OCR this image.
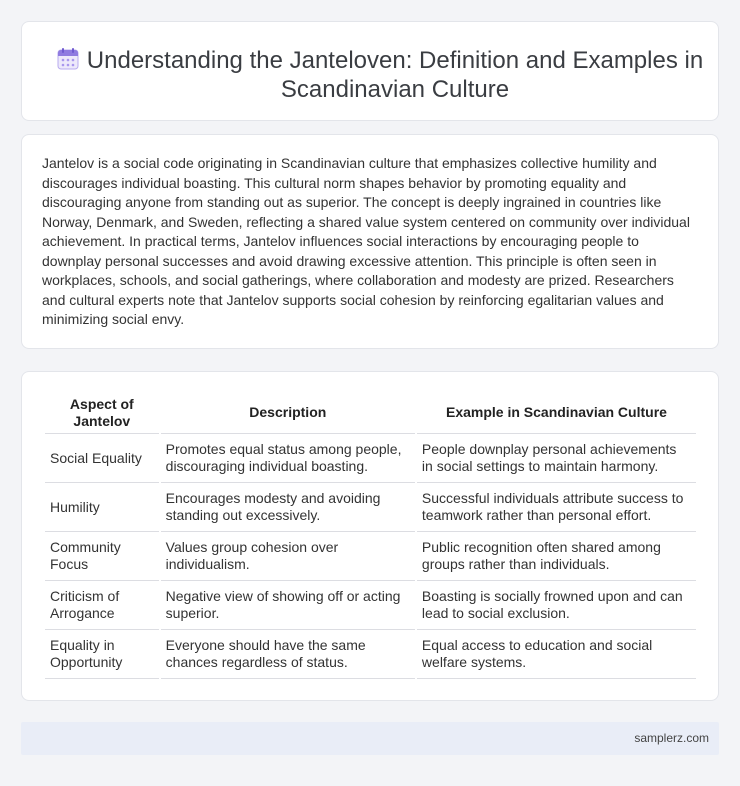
Understanding the Janteloven: Definition and Examples in Scandinavian Culture

Jantelov is a social code originating in Scandinavian culture that emphasizes collective humility and discourages individual boasting. This cultural norm shapes behavior by promoting equality and discouraging anyone from standing out as superior. The concept is deeply ingrained in countries like Norway, Denmark, and Sweden, reflecting a shared value system centered on community over individual achievement. In practical terms, Jantelov influences social interactions by encouraging people to downplay personal successes and avoid drawing excessive attention. This principle is often seen in workplaces, schools, and social gatherings, where collaboration and modesty are prized. Researchers and cultural experts note that Jantelov supports social cohesion by reinforcing egalitarian values and minimizing social envy.

Aspect of Jantelov	Description	Example in Scandinavian Culture
Social Equality	Promotes equal status among people, discouraging individual boasting.	People downplay personal achievements in social settings to maintain harmony.
Humility	Encourages modesty and avoiding standing out excessively.	Successful individuals attribute success to teamwork rather than personal effort.
Community Focus	Values group cohesion over individualism.	Public recognition often shared among groups rather than individuals.
Criticism of Arrogance	Negative view of showing off or acting superior.	Boasting is socially frowned upon and can lead to social exclusion.
Equality in Opportunity	Everyone should have the same chances regardless of status.	Equal access to education and social welfare systems.
samplerz.com
